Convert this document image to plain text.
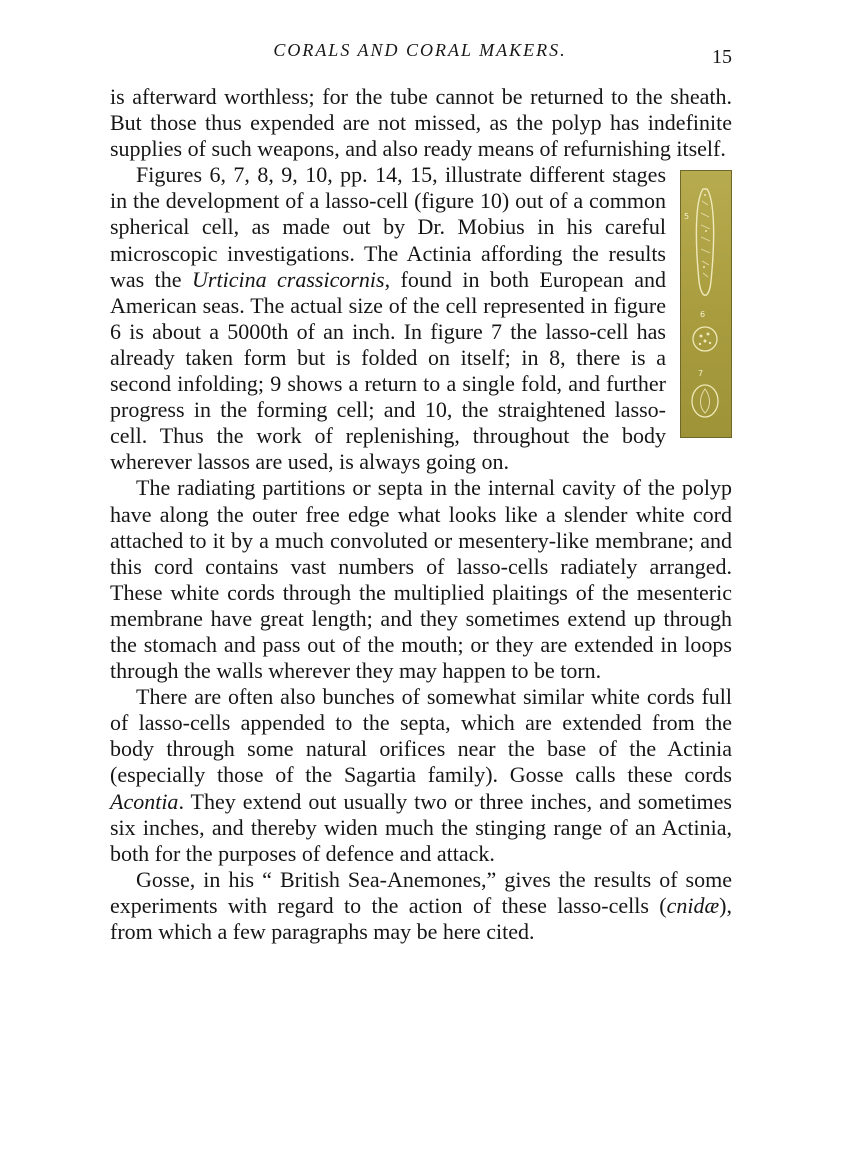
CORALS AND CORAL MAKERS.	15

is afterward worthless; for the tube cannot be returned to the sheath. But those thus expended are not missed, as the polyp has indefinite supplies of such weapons, and also ready means of refurnishing itself.

5
6
7
Figures 6, 7, 8, 9, 10, pp. 14, 15, illustrate different stages in the development of a lasso-cell (figure 10) out of a common spherical cell, as made out by Dr. Mobius in his careful microscopic investigations. The Actinia affording the results was the Urticina crassicornis, found in both European and American seas. The actual size of the cell represented in figure 6 is about a 5000th of an inch. In figure 7 the lasso-cell has already taken form but is folded on itself; in 8, there is a second infolding; 9 shows a return to a single fold, and further progress in the forming cell; and 10, the straightened lasso-cell. Thus the work of replenishing, throughout the body wherever lassos are used, is always going on.

The radiating partitions or septa in the internal cavity of the polyp have along the outer free edge what looks like a slender white cord attached to it by a much convoluted or mesentery-like membrane; and this cord contains vast numbers of lasso-cells radiately arranged. These white cords through the multiplied plaitings of the mesenteric membrane have great length; and they sometimes extend up through the stomach and pass out of the mouth; or they are extended in loops through the walls wherever they may happen to be torn.

There are often also bunches of somewhat similar white cords full of lasso-cells appended to the septa, which are extended from the body through some natural orifices near the base of the Actinia (especially those of the Sagartia family). Gosse calls these cords Acontia. They extend out usually two or three inches, and sometimes six inches, and thereby widen much the stinging range of an Actinia, both for the purposes of defence and attack.

Gosse, in his “ British Sea-Anemones,” gives the results of some experiments with regard to the action of these lasso-cells (cnidæ), from which a few paragraphs may be here cited.
